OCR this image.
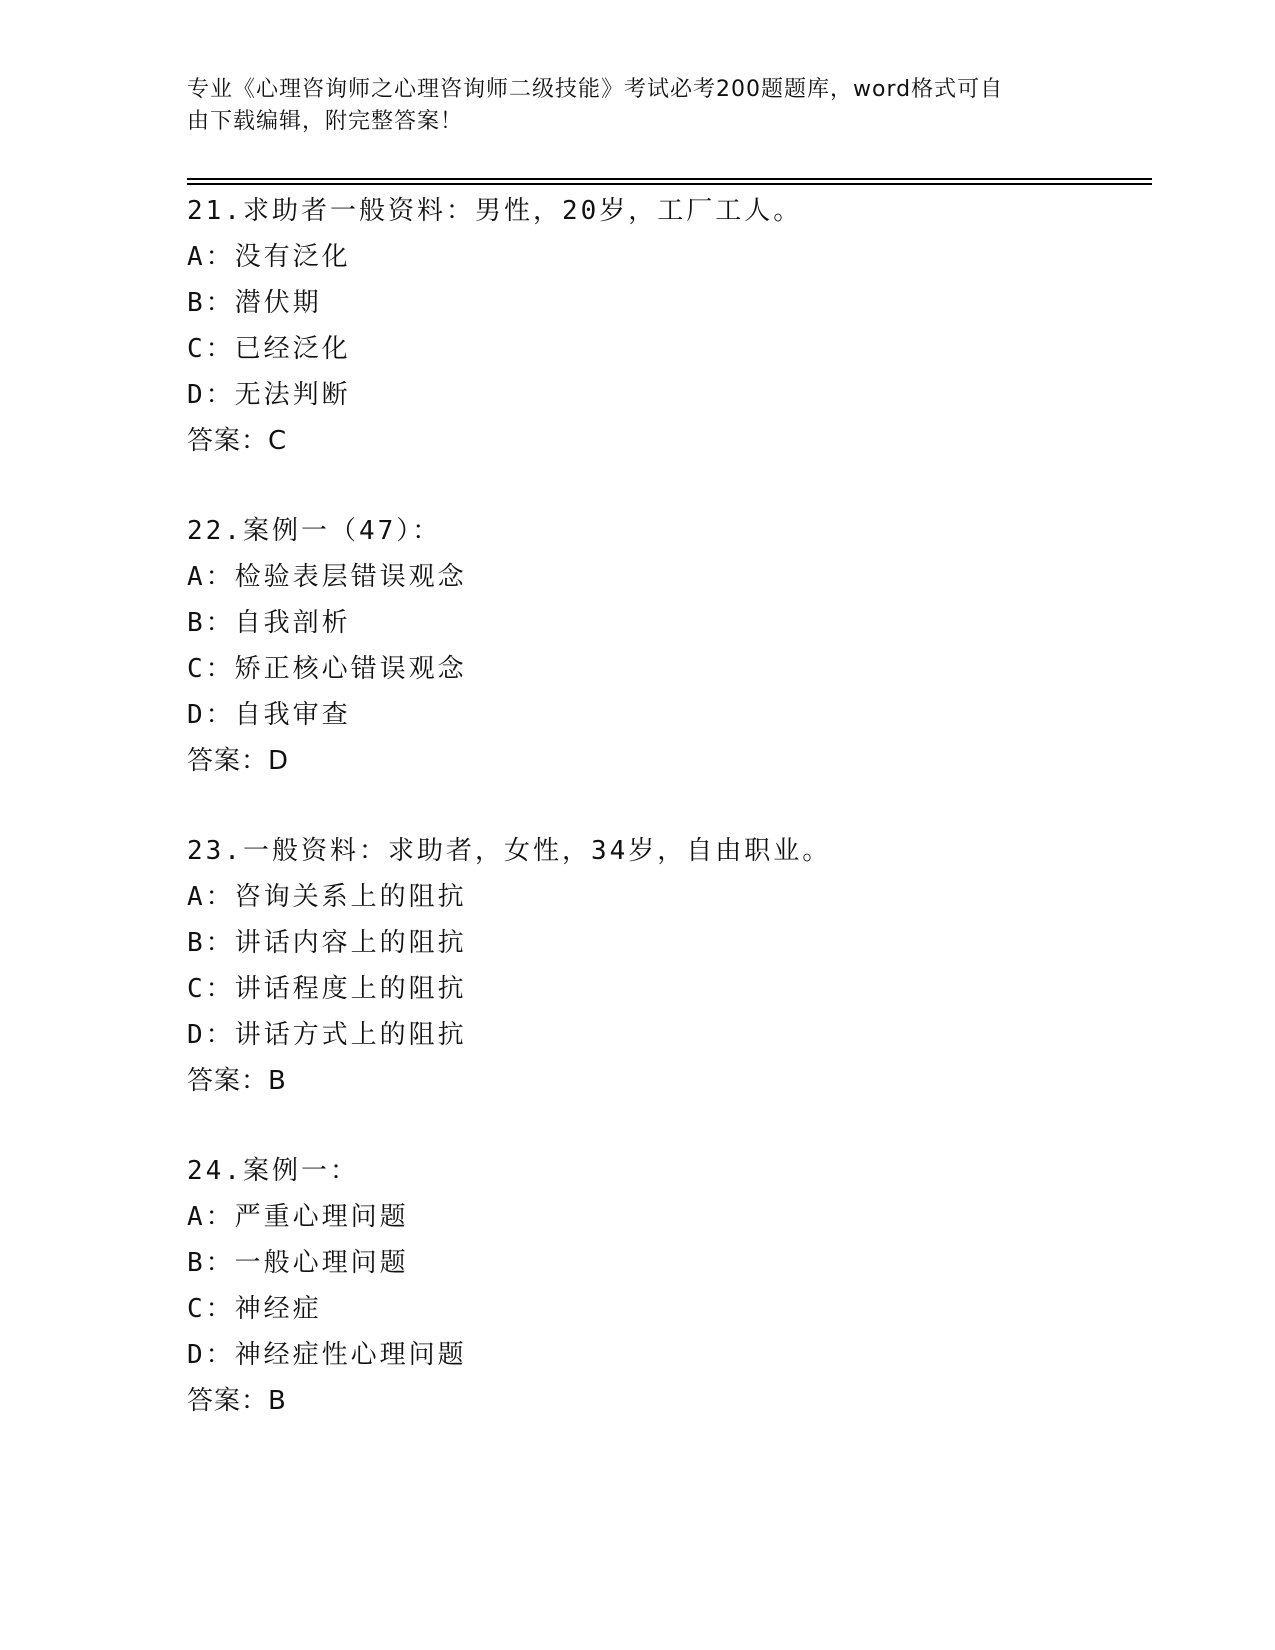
专业《心理咨询师之心理咨询师二级技能》考试必考200题题库，word格式可自
由下载编辑，附完整答案！
21.求助者一般资料：男性，20岁，工厂工人。
A：没有泛化
B：潜伏期
C：已经泛化
D：无法判断
答案：C
22.案例一（47）：
A：检验表层错误观念
B：自我剖析
C：矫正核心错误观念
D：自我审查
答案：D
23.一般资料：求助者，女性，34岁，自由职业。
A：咨询关系上的阻抗
B：讲话内容上的阻抗
C：讲话程度上的阻抗
D：讲话方式上的阻抗
答案：B
24.案例一：
A：严重心理问题
B：一般心理问题
C：神经症
D：神经症性心理问题
答案：B
